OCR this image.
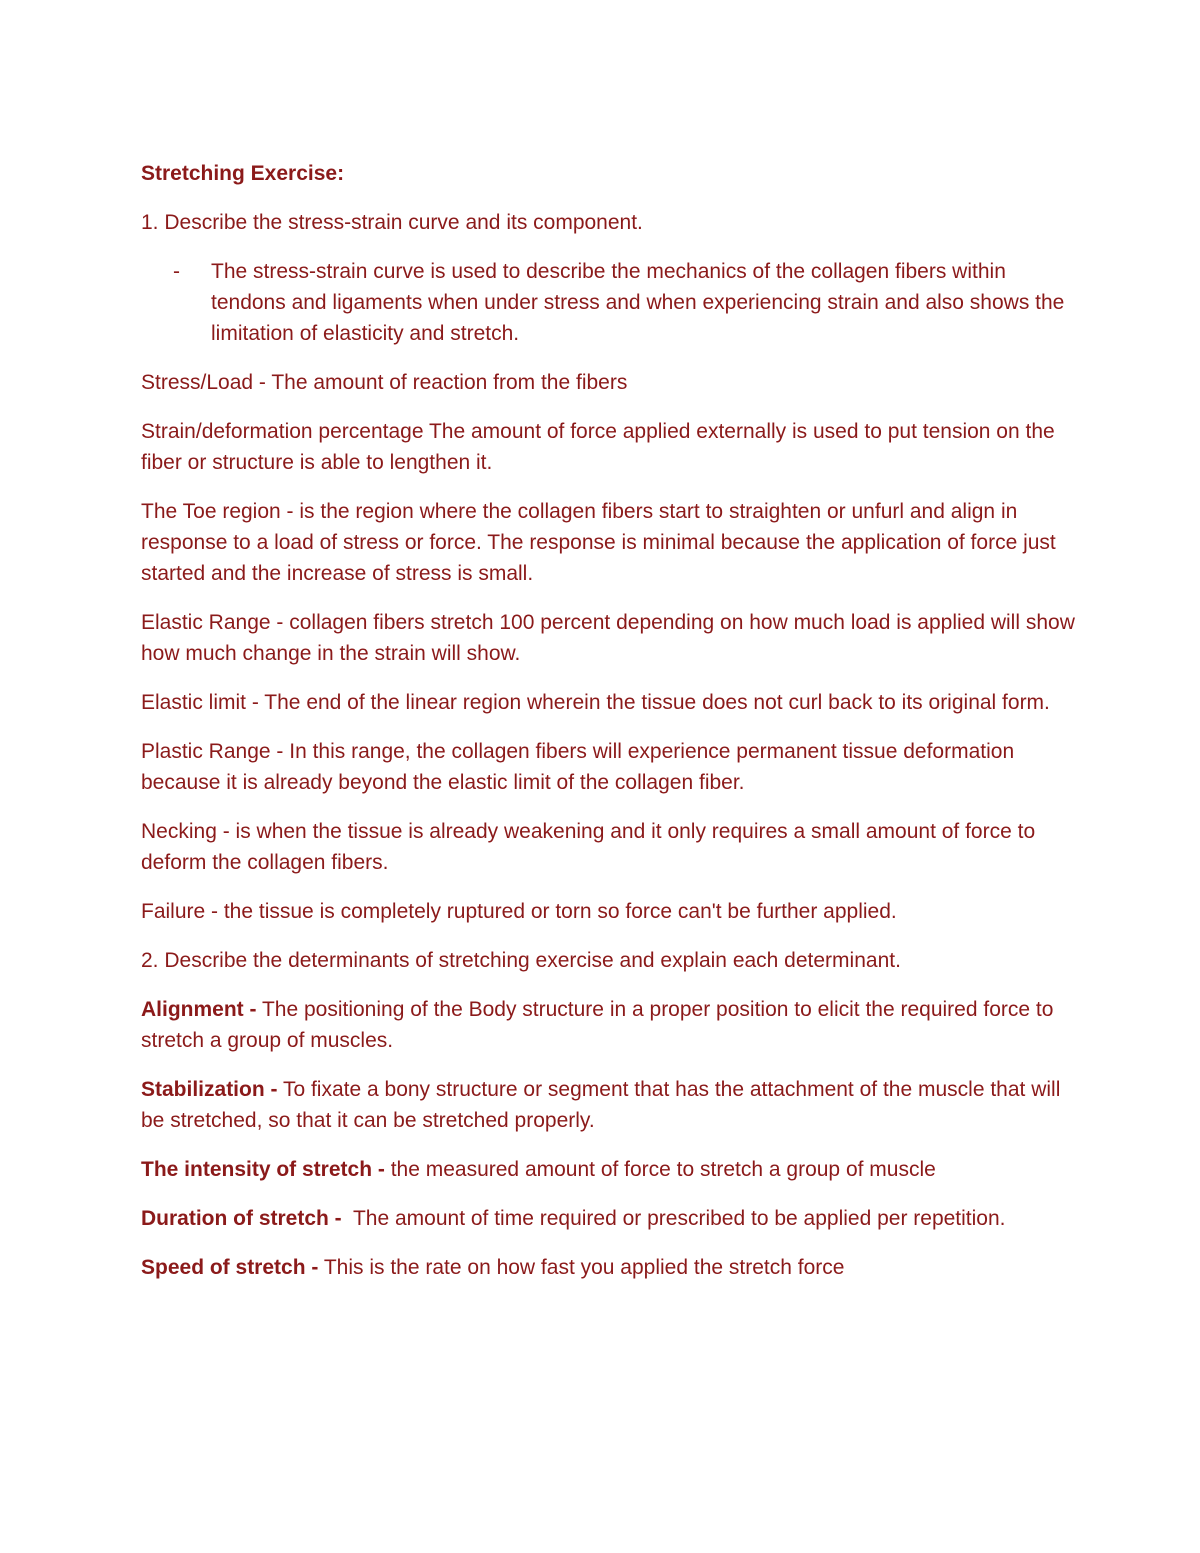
Stretching Exercise:

1. Describe the stress-strain curve and its component.

- The stress-strain curve is used to describe the mechanics of the collagen fibers within tendons and ligaments when under stress and when experiencing strain and also shows the limitation of elasticity and stretch.

Stress/Load - The amount of reaction from the fibers

Strain/deformation percentage The amount of force applied externally is used to put tension on the fiber or structure is able to lengthen it.

The Toe region - is the region where the collagen fibers start to straighten or unfurl and align in response to a load of stress or force. The response is minimal because the application of force just started and the increase of stress is small.

Elastic Range - collagen fibers stretch 100 percent depending on how much load is applied will show how much change in the strain will show.

Elastic limit - The end of the linear region wherein the tissue does not curl back to its original form.

Plastic Range - In this range, the collagen fibers will experience permanent tissue deformation because it is already beyond the elastic limit of the collagen fiber.

Necking - is when the tissue is already weakening and it only requires a small amount of force to deform the collagen fibers.

Failure - the tissue is completely ruptured or torn so force can't be further applied.

2. Describe the determinants of stretching exercise and explain each determinant.

Alignment - The positioning of the Body structure in a proper position to elicit the required force to stretch a group of muscles.

Stabilization - To fixate a bony structure or segment that has the attachment of the muscle that will be stretched, so that it can be stretched properly.

The intensity of stretch - the measured amount of force to stretch a group of muscle

Duration of stretch -  The amount of time required or prescribed to be applied per repetition.

Speed of stretch - This is the rate on how fast you applied the stretch force
